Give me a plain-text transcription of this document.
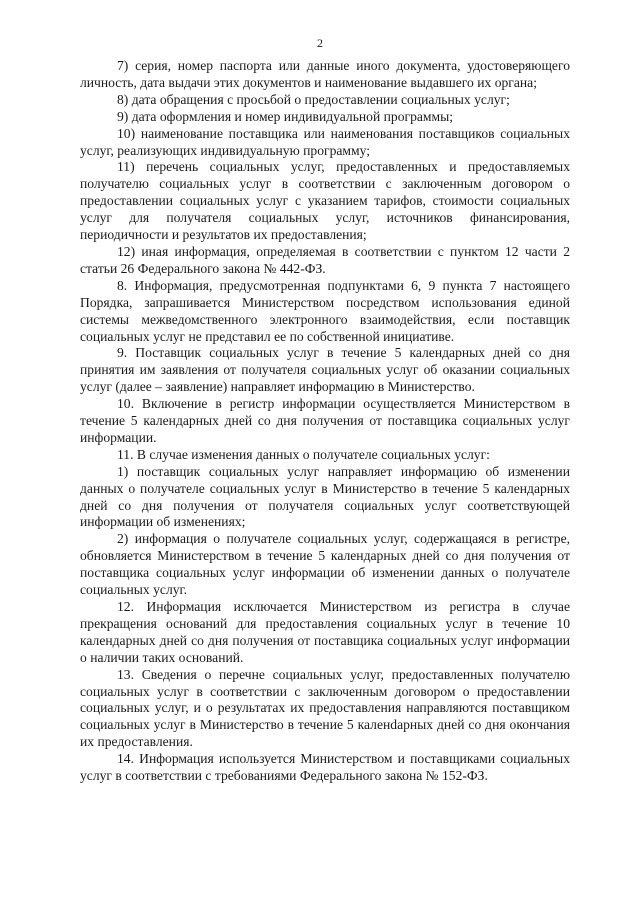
2

7) серия, номер паспорта или данные иного документа, удостоверяющего личность, дата выдачи этих документов и наименование выдавшего их органа;

8) дата обращения с просьбой о предоставлении социальных услуг;

9) дата оформления и номер индивидуальной программы;

10) наименование поставщика или наименования поставщиков социальных услуг, реализующих индивидуальную программу;

11) перечень социальных услуг, предоставленных и предоставляемых получателю социальных услуг в соответствии с заключенным договором о предоставлении социальных услуг с указанием тарифов, стоимости социальных услуг для получателя социальных услуг, источников финансирования, периодичности и результатов их предоставления;

12) иная информация, определяемая в соответствии с пунктом 12 части 2 статьи 26 Федерального закона № 442-ФЗ.

8. Информация, предусмотренная подпунктами 6, 9 пункта 7 настоящего Порядка, запрашивается Министерством посредством использования единой системы межведомственного электронного взаимодействия, если поставщик социальных услуг не представил ее по собственной инициативе.

9. Поставщик социальных услуг в течение 5 календарных дней со дня принятия им заявления от получателя социальных услуг об оказании социальных услуг (далее – заявление) направляет информацию в Министерство.

10. Включение в регистр информации осуществляется Министерством в течение 5 календарных дней со дня получения от поставщика социальных услуг информации.

11. В случае изменения данных о получателе социальных услуг:

1) поставщик социальных услуг направляет информацию об изменении данных о получателе социальных услуг в Министерство в течение 5 календарных дней со дня получения от получателя социальных услуг соответствующей информации об изменениях;

2) информация о получателе социальных услуг, содержащаяся в регистре, обновляется Министерством в течение 5 календарных дней со дня получения от поставщика социальных услуг информации об изменении данных о получателе социальных услуг.

12. Информация исключается Министерством из регистра в случае прекращения оснований для предоставления социальных услуг в течение 10 календарных дней со дня получения от поставщика социальных услуг информации о наличии таких оснований.

13. Сведения о перечне социальных услуг, предоставленных получателю социальных услуг в соответствии с заключенным договором о предоставлении социальных услуг, и о результатах их предоставления направляются поставщиком социальных услуг в Министерство в течение 5 каленdарных дней со дня окончания их предоставления.

14. Информация используется Министерством и поставщиками социальных услуг в соответствии с требованиями Федерального закона № 152-ФЗ.
